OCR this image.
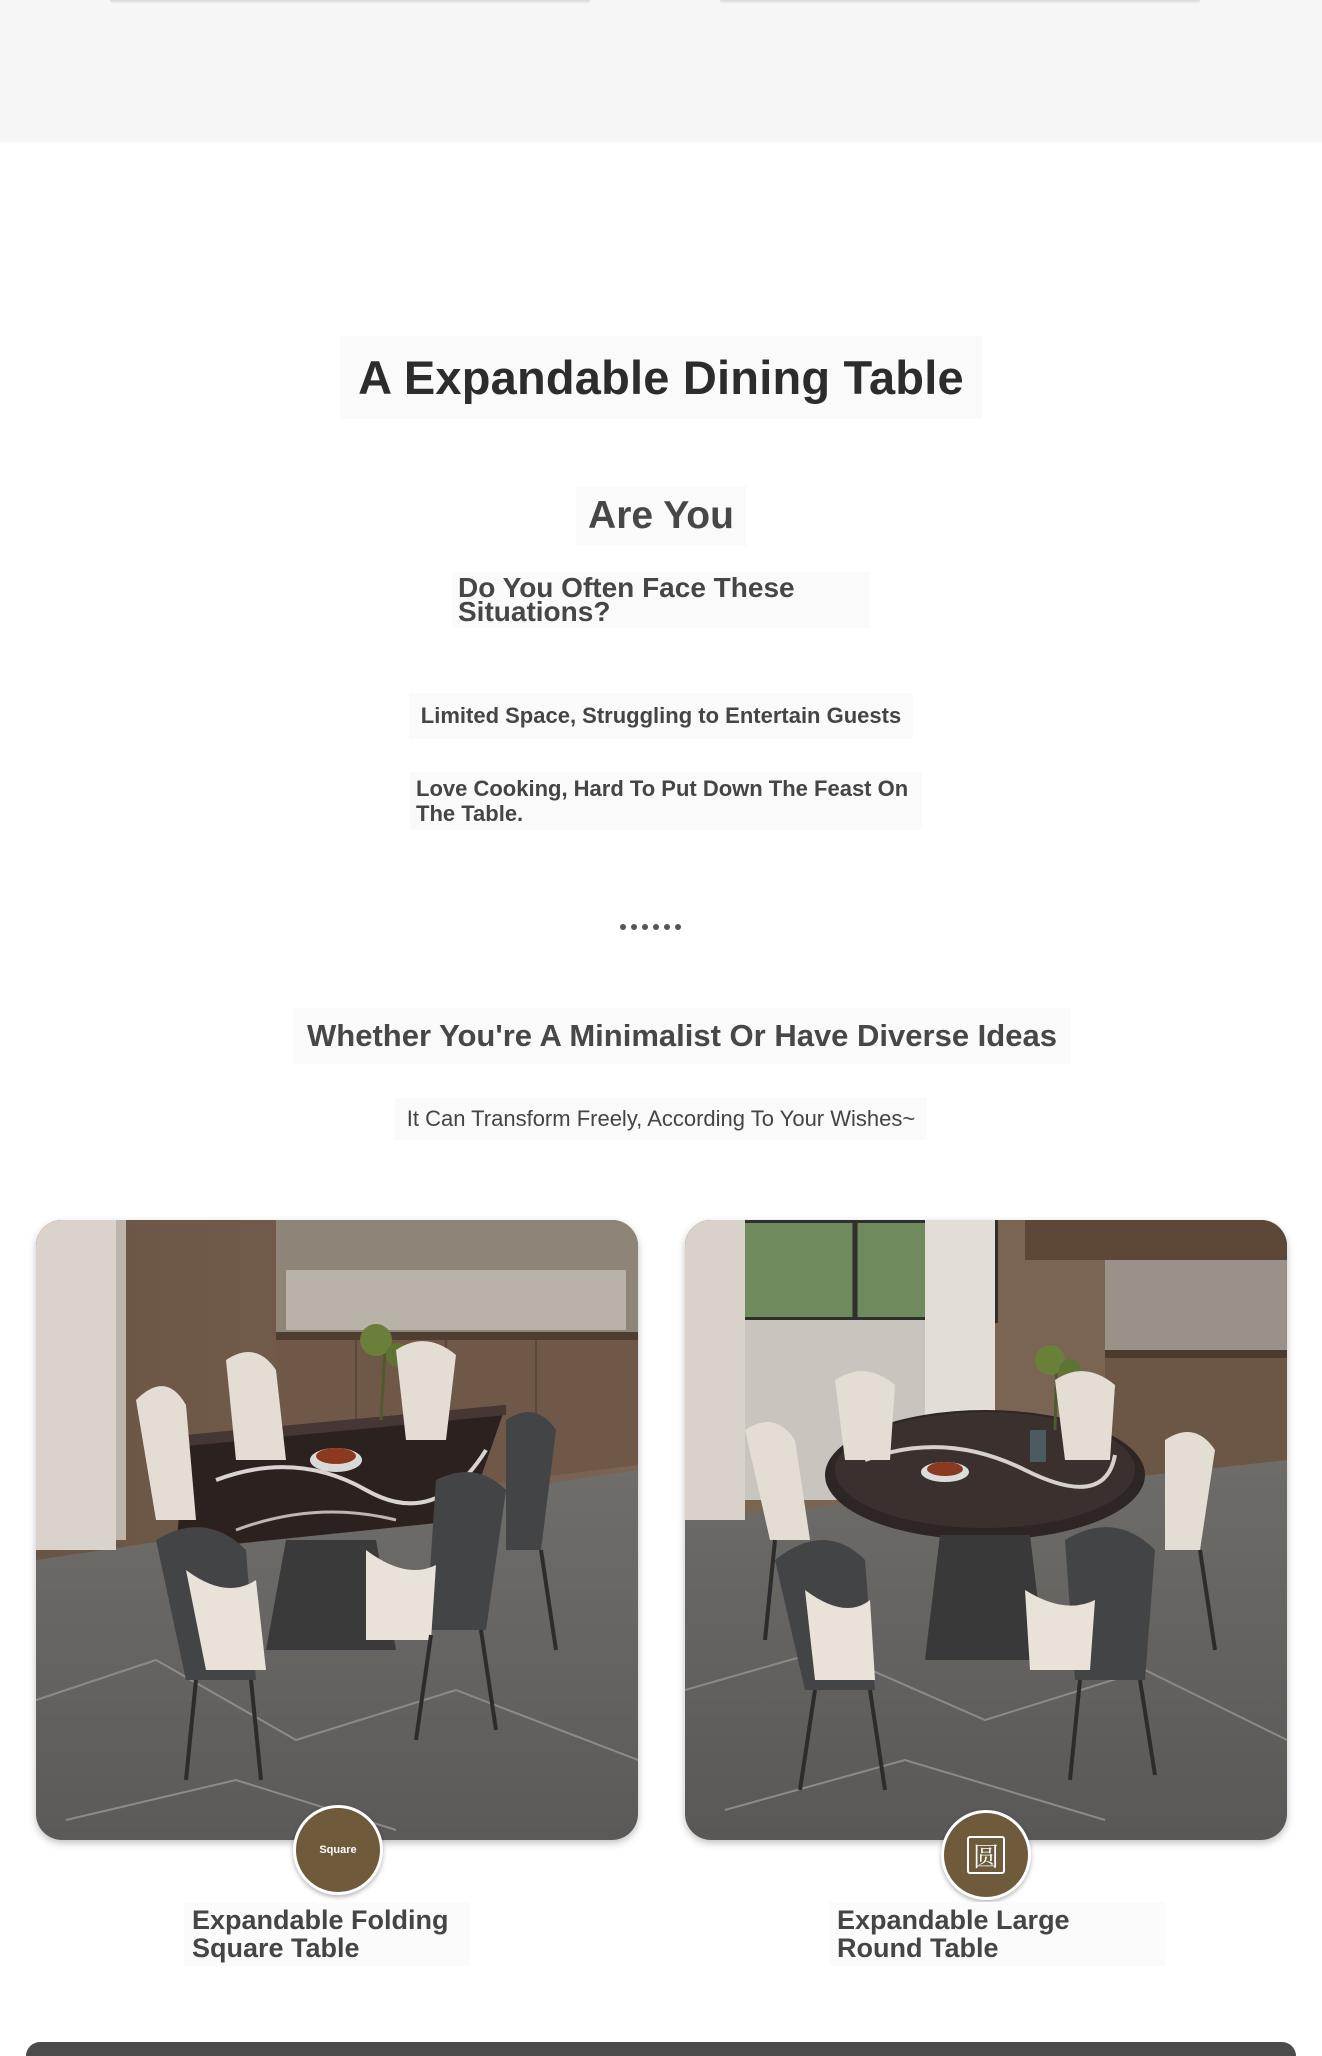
A Expandable Dining Table
Are You
Do You Often Face These Situations?
Limited Space, Struggling to Entertain Guests
Love Cooking, Hard To Put Down The Feast On The Table.
Whether You're A Minimalist Or Have Diverse Ideas
It Can Transform Freely, According To Your Wishes~
Square	圆
Expandable Folding Square Table
Expandable Large Round Table
